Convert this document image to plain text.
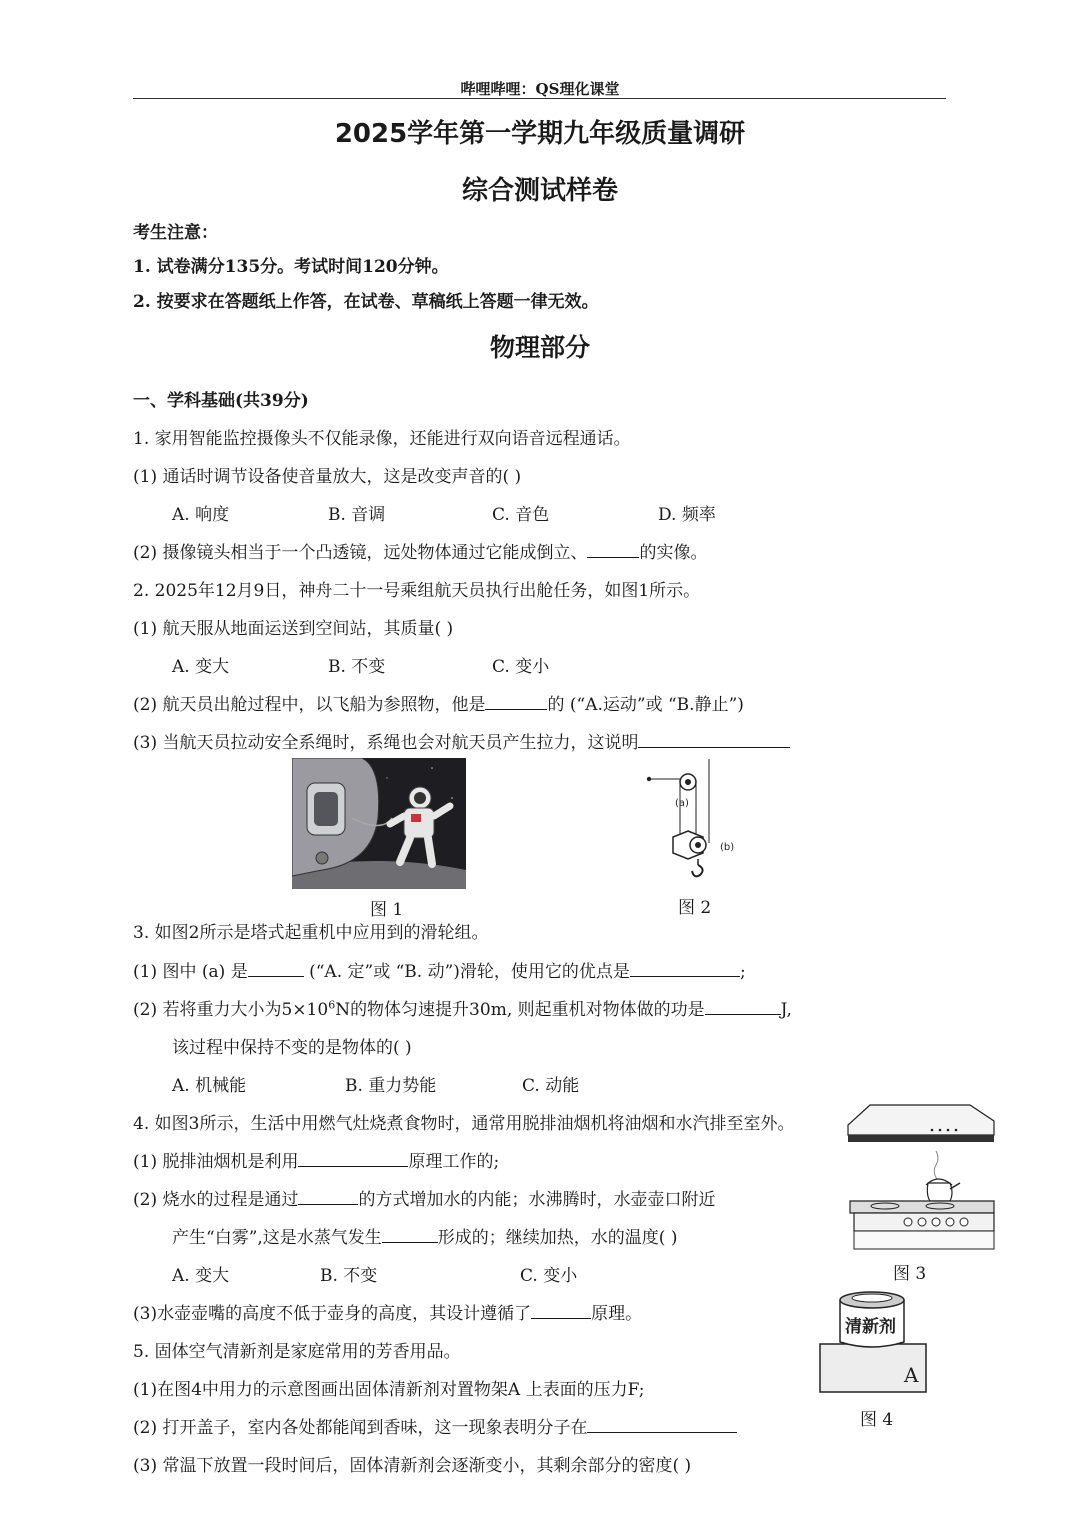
哔哩哔哩：QS理化课堂
2025学年第一学期九年级质量调研
综合测试样卷
考生注意：
1. 试卷满分135分。考试时间120分钟。
2. 按要求在答题纸上作答，在试卷、草稿纸上答题一律无效。
物理部分
一、学科基础(共39分)
1. 家用智能监控摄像头不仅能录像，还能进行双向语音远程通话。
(1) 通话时调节设备使音量放大，这是改变声音的( )
A. 响度	B. 音调	C. 音色	D. 频率
(2) 摄像镜头相当于一个凸透镜，远处物体通过它能成倒立、	的实像。
2. 2025年12月9日，神舟二十一号乘组航天员执行出舱任务，如图1所示。
(1) 航天服从地面运送到空间站，其质量( )
A. 变大	B. 不变	C. 变小
(2) 航天员出舱过程中，以飞船为参照物，他是	的 (“A.运动”或 “B.静止”)
(3) 当航天员拉动安全系绳时，系绳也会对航天员产生拉力，这说明
图 1
(a)
(b)
图 2
3. 如图2所示是塔式起重机中应用到的滑轮组。
(1) 图中 (a) 是	(“A. 定”或 “B. 动”)滑轮，使用它的优点是	;
(2) 若将重力大小为$5\times 10^6N$的物体匀速提升30m, 则起重机对物体做的功是	J,
该过程中保持不变的是物体的( )
A. 机械能	B. 重力势能	C. 动能
4. 如图3所示，生活中用燃气灶烧煮食物时，通常用脱排油烟机将油烟和水汽排至室外。
(1) 脱排油烟机是利用	原理工作的;
(2) 烧水的过程是通过	的方式增加水的内能；水沸腾时，水壶壶口附近
产生“白雾”,这是水蒸气发生	形成的；继续加热，水的温度( )
A. 变大	B. 不变	C. 变小
(3)水壶壶嘴的高度不低于壶身的高度，其设计遵循了	原理。
图 3
5. 固体空气清新剂是家庭常用的芳香用品。
(1)在图4中用力的示意图画出固体清新剂对置物架A 上表面的压力F;
(2) 打开盖子，室内各处都能闻到香味，这一现象表明分子在
(3) 常温下放置一段时间后，固体清新剂会逐渐变小，其剩余部分的密度( )
A
清新剂
图 4
